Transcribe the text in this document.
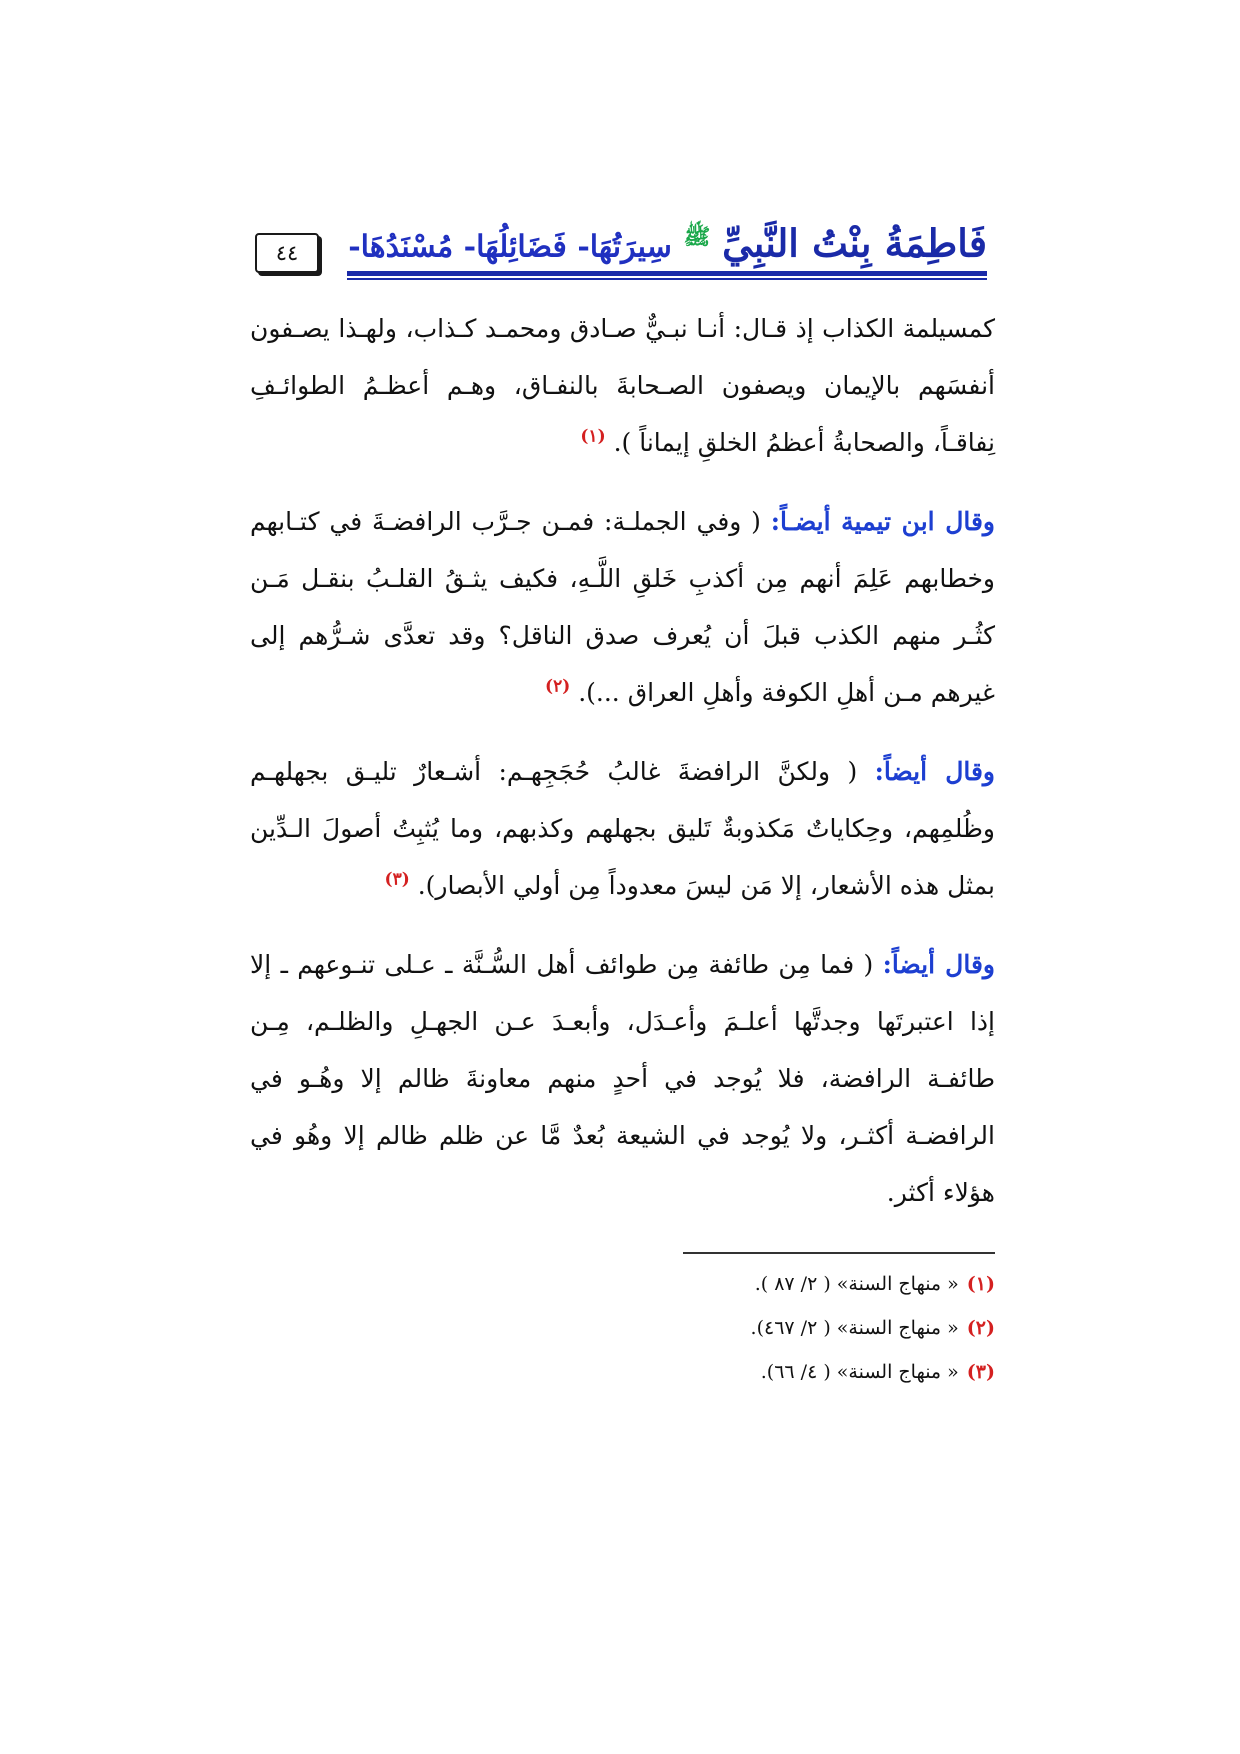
٤٤	فَاطِمَةُ بِنْتُ النَّبِيِّ $^ﷺ$ سِيرَتُهَا- فَضَائِلُهَا- مُسْنَدُهَا-

كمسيلمة الكذاب إذ قـال: أنـا نبـيٌّ صـادق ومحمـد كـذاب، ولهـذا يصـفون أنفسَهم بالإيمان ويصفون الصـحابةَ بالنفـاق، وهـم أعظـمُ الطوائـفِ نِفاقـاً، والصحابةُ أعظمُ الخلقِ إيماناً ). $^{(١)}$

وقال ابن تيمية أيضـاً: ( وفي الجملـة: فمـن جـرَّب الرافضـةَ في كتـابهم وخطابهم عَلِمَ أنهم مِن أكذبِ خَلقِ اللَّـهِ، فكيف يثـقُ القلـبُ بنقـل مَـن كثُـر منهم الكذب قبلَ أن يُعرف صدق الناقل؟ وقد تعدَّى شـرُّهم إلى غيرهم مـن أهلِ الكوفة وأهلِ العراق ...). $^{(٢)}$

وقال أيضاً: ( ولكنَّ الرافضةَ غالبُ حُجَجِهـم: أشـعارٌ تليـق بجهلهـم وظُلمِهم، وحِكاياتٌ مَكذوبةٌ تَليق بجهلهم وكذبهم، وما يُثبِتُ أصولَ الـدِّين بمثل هذه الأشعار، إلا مَن ليسَ معدوداً مِن أولي الأبصار). $^{(٣)}$

وقال أيضاً: ( فما مِن طائفة مِن طوائف أهل السُّـنَّة ـ عـلى تنـوعهم ـ إلا إذا اعتبرتَها وجدتَّها أعلـمَ وأعـدَل، وأبعـدَ عـن الجهـلِ والظلـم، مِـن طائفـة الرافضة، فلا يُوجد في أحدٍ منهم معاونةَ ظالم إلا وهُـو في الرافضـة أكثـر، ولا يُوجد في الشيعة بُعدٌ مَّا عن ظلم ظالم إلا وهُو في هؤلاء أكثر.

(١)« منهاج السنة» ( ٢/ ٨٧ ).
(٢)« منهاج السنة» ( ٢/ ٤٦٧).
(٣)« منهاج السنة» ( ٤/ ٦٦).
